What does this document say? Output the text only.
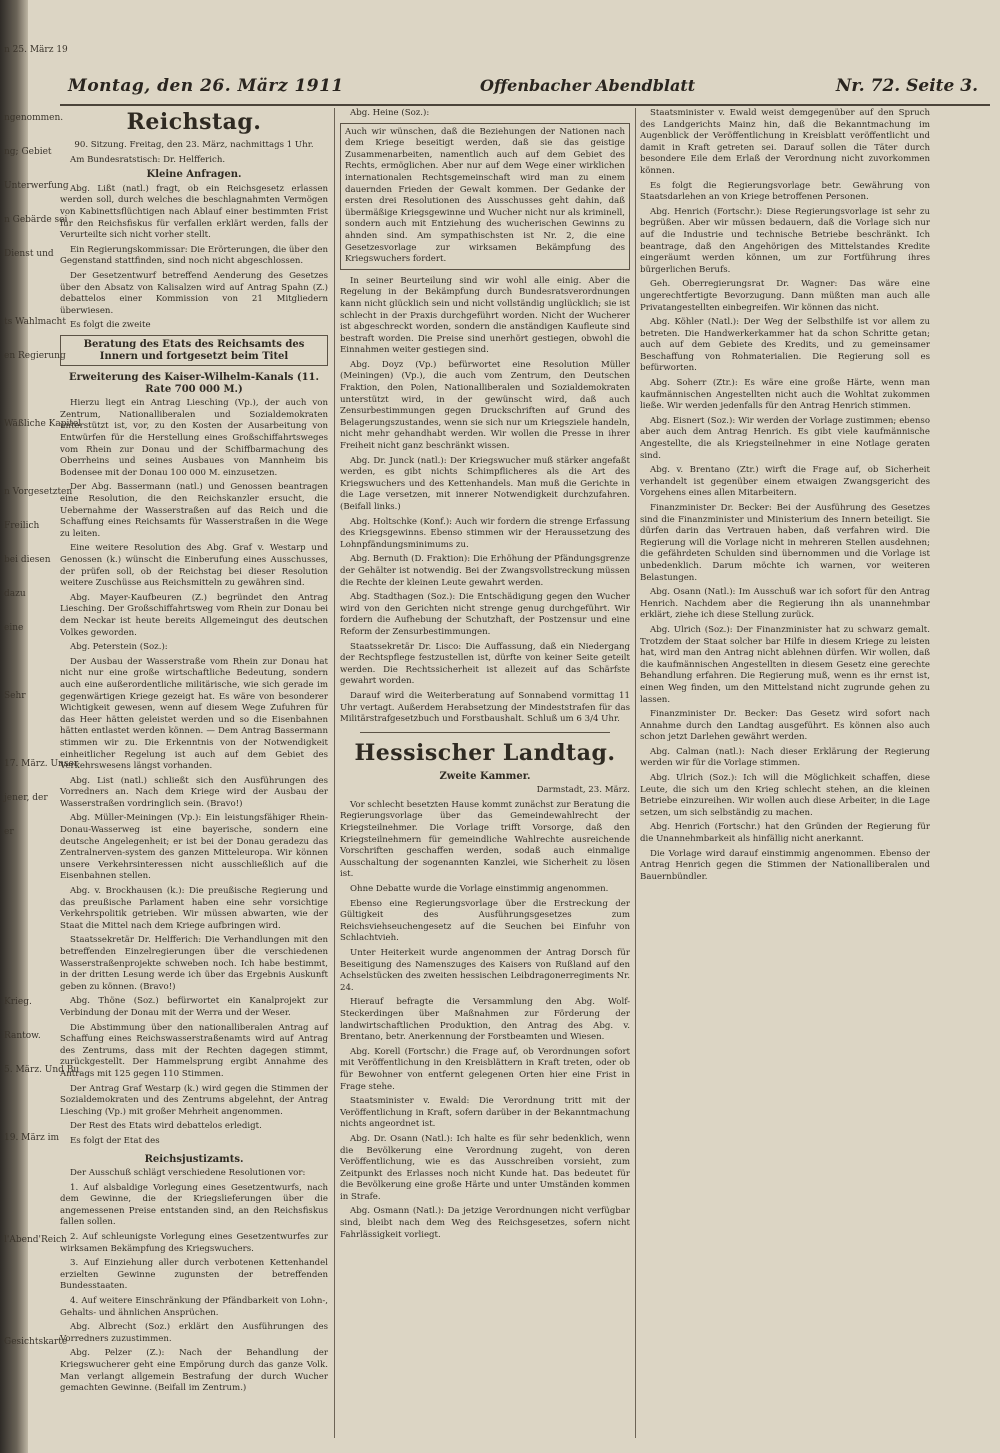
n 25. März 19

ngenommen.
ng; Gebiet
Unterwerfung
n Gebärde sei
Dienst und

ts Wahlmacht
en Regierung

Wäßliche Kapitel

n Vorgesetzten
Freilich
bei diesen
dazu
eine

Sehr

17. März. Unser
jener, der
er

Krieg.
Rantow.
5. März. Und Bu

19. März im

l'Abend'Reich

Gesichtskarte
Montag, den 26. März 1911	Offenbacher Abendblatt	Nr. 72. Seite 3.
Reichstag.

90. Sitzung. Freitag, den 23. März, nachmittags 1 Uhr.

Am Bundesratstisch: Dr. Helfferich.

Kleine Anfragen.

Abg. Lißt (natl.) fragt, ob ein Reichsgesetz erlassen werden soll, durch welches die beschlagnahmten Vermögen von Kabinettsflüchtigen nach Ablauf einer bestimmten Frist für den Reichsfiskus für verfallen erklärt werden, falls der Verurteilte sich nicht vorher stellt.

Ein Regierungskommissar: Die Erörterungen, die über den Gegenstand stattfinden, sind noch nicht abgeschlossen.

Der Gesetzentwurf betreffend Aenderung des Gesetzes über den Absatz von Kalisalzen wird auf Antrag Spahn (Z.) debattelos einer Kommission von 21 Mitgliedern überwiesen.

Es folgt die zweite

Beratung des Etats des Reichsamts des Innern und fortgesetzt beim Titel
Erweiterung des Kaiser-Wilhelm-Kanals (11. Rate 700 000 M.)

Hierzu liegt ein Antrag Liesching (Vp.), der auch von Zentrum, Nationalliberalen und Sozialdemokraten unterstützt ist, vor, zu den Kosten der Ausarbeitung von Entwürfen für die Herstellung eines Großschiffahrtsweges vom Rhein zur Donau und der Schiffbarmachung des Oberrheins und seines Ausbaues von Mannheim bis Bodensee mit der Donau 100 000 M. einzusetzen.

Der Abg. Bassermann (natl.) und Genossen beantragen eine Resolution, die den Reichskanzler ersucht, die Uebernahme der Wasserstraßen auf das Reich und die Schaffung eines Reichsamts für Wasserstraßen in die Wege zu leiten.

Eine weitere Resolution des Abg. Graf v. Westarp und Genossen (k.) wünscht die Einberufung eines Ausschusses, der prüfen soll, ob der Reichstag bei dieser Resolution weitere Zuschüsse aus Reichsmitteln zu gewähren sind.

Abg. Mayer-Kaufbeuren (Z.) begründet den Antrag Liesching. Der Großschiffahrtsweg vom Rhein zur Donau bei dem Neckar ist heute bereits Allgemeingut des deutschen Volkes geworden.

Abg. Peterstein (Soz.):

Der Ausbau der Wasserstraße vom Rhein zur Donau hat nicht nur eine große wirtschaftliche Bedeutung, sondern auch eine außerordentliche militärische, wie sich gerade im gegenwärtigen Kriege gezeigt hat. Es wäre von besonderer Wichtigkeit gewesen, wenn auf diesem Wege Zufuhren für das Heer hätten geleistet werden und so die Eisenbahnen hätten entlastet werden können. — Dem Antrag Bassermann stimmen wir zu. Die Erkenntnis von der Notwendigkeit einheitlicher Regelung ist auch auf dem Gebiet des Verkehrswesens längst vorhanden.

Abg. List (natl.) schließt sich den Ausführungen des Vorredners an. Nach dem Kriege wird der Ausbau der Wasserstraßen vordringlich sein. (Bravo!)

Abg. Müller-Meiningen (Vp.): Ein leistungsfähiger Rhein-Donau-Wasserweg ist eine bayerische, sondern eine deutsche Angelegenheit; er ist bei der Donau geradezu das Zentralnerven-system des ganzen Mitteleuropa. Wir können unsere Verkehrsinteressen nicht ausschließlich auf die Eisenbahnen stellen.

Abg. v. Brockhausen (k.): Die preußische Regierung und das preußische Parlament haben eine sehr vorsichtige Verkehrspolitik getrieben. Wir müssen abwarten, wie der Staat die Mittel nach dem Kriege aufbringen wird.

Staatssekretär Dr. Helfferich: Die Verhandlungen mit den betreffenden Einzelregierungen über die verschiedenen Wasserstraßenprojekte schweben noch. Ich habe bestimmt, in der dritten Lesung werde ich über das Ergebnis Auskunft geben zu können. (Bravo!)

Abg. Thöne (Soz.) befürwortet ein Kanalprojekt zur Verbindung der Donau mit der Werra und der Weser.

Die Abstimmung über den nationalliberalen Antrag auf Schaffung eines Reichswasserstraßenamts wird auf Antrag des Zentrums, dass mit der Rechten dagegen stimmt, zurückgestellt. Der Hammelsprung ergibt Annahme des Antrags mit 125 gegen 110 Stimmen.

Der Antrag Graf Westarp (k.) wird gegen die Stimmen der Sozialdemokraten und des Zentrums abgelehnt, der Antrag Liesching (Vp.) mit großer Mehrheit angenommen.

Der Rest des Etats wird debattelos erledigt.

Es folgt der Etat des

Reichsjustizamts.

Der Ausschuß schlägt verschiedene Resolutionen vor:

1. Auf alsbaldige Vorlegung eines Gesetzentwurfs, nach dem Gewinne, die der Kriegslieferungen über die angemessenen Preise entstanden sind, an den Reichsfiskus fallen sollen.

2. Auf schleunigste Vorlegung eines Gesetzentwurfes zur wirksamen Bekämpfung des Kriegswuchers.

3. Auf Einziehung aller durch verbotenen Kettenhandel erzielten Gewinne zugunsten der betreffenden Bundesstaaten.

4. Auf weitere Einschränkung der Pfändbarkeit von Lohn-, Gehalts- und ähnlichen Ansprüchen.

Abg. Albrecht (Soz.) erklärt den Ausführungen des Vorredners zuzustimmen.

Abg. Pelzer (Z.): Nach der Behandlung der Kriegswucherer geht eine Empörung durch das ganze Volk. Man verlangt allgemein Bestrafung der durch Wucher gemachten Gewinne. (Beifall im Zentrum.)

Abg. Heine (Soz.):

Auch wir wünschen, daß die Beziehungen der Nationen nach dem Kriege beseitigt werden, daß sie das geistige Zusammenarbeiten, namentlich auch auf dem Gebiet des Rechts, ermöglichen. Aber nur auf dem Wege einer wirklichen internationalen Rechtsgemeinschaft wird man zu einem dauernden Frieden der Gewalt kommen. Der Gedanke der ersten drei Resolutionen des Ausschusses geht dahin, daß übermäßige Kriegsgewinne und Wucher nicht nur als kriminell, sondern auch mit Entziehung des wucherischen Gewinns zu ahnden sind. Am sympathischsten ist Nr. 2, die eine Gesetzesvorlage zur wirksamen Bekämpfung des Kriegswuchers fordert.

In seiner Beurteilung sind wir wohl alle einig. Aber die Regelung in der Bekämpfung durch Bundesratsverordnungen kann nicht glücklich sein und nicht vollständig unglücklich; sie ist schlecht in der Praxis durchgeführt worden. Nicht der Wucherer ist abgeschreckt worden, sondern die anständigen Kaufleute sind bestraft worden. Die Preise sind unerhört gestiegen, obwohl die Einnahmen weiter gestiegen sind.

Abg. Doyz (Vp.) befürwortet eine Resolution Müller (Meiningen) (Vp.), die auch vom Zentrum, den Deutschen Fraktion, den Polen, Nationalliberalen und Sozialdemokraten unterstützt wird, in der gewünscht wird, daß auch Zensurbestimmungen gegen Druckschriften auf Grund des Belagerungszustandes, wenn sie sich nur um Kriegsziele handeln, nicht mehr gehandhabt werden. Wir wollen die Presse in ihrer Freiheit nicht ganz beschränkt wissen.

Abg. Dr. Junck (natl.): Der Kriegswucher muß stärker angefaßt werden, es gibt nichts Schimpflicheres als die Art des Kriegswuchers und des Kettenhandels. Man muß die Gerichte in die Lage versetzen, mit innerer Notwendigkeit durchzufahren. (Beifall links.)

Abg. Holtschke (Konf.): Auch wir fordern die strenge Erfassung des Kriegsgewinns. Ebenso stimmen wir der Heraussetzung des Lohnpfändungsminimums zu.

Abg. Bernuth (D. Fraktion): Die Erhöhung der Pfändungsgrenze der Gehälter ist notwendig. Bei der Zwangsvollstreckung müssen die Rechte der kleinen Leute gewahrt werden.

Abg. Stadthagen (Soz.): Die Entschädigung gegen den Wucher wird von den Gerichten nicht strenge genug durchgeführt. Wir fordern die Aufhebung der Schutzhaft, der Postzensur und eine Reform der Zensurbestimmungen.

Staatssekretär Dr. Lisco: Die Auffassung, daß ein Niedergang der Rechtspflege festzustellen ist, dürfte von keiner Seite geteilt werden. Die Rechtssicherheit ist allezeit auf das Schärfste gewahrt worden.

Darauf wird die Weiterberatung auf Sonnabend vormittag 11 Uhr vertagt. Außerdem Herabsetzung der Mindeststrafen für das Militärstrafgesetzbuch und Forstbaushalt. Schluß um 6 3/4 Uhr.

Hessischer Landtag.
Zweite Kammer.

Darmstadt, 23. März.

Vor schlecht besetzten Hause kommt zunächst zur Beratung die Regierungsvorlage über das Gemeindewahlrecht der Kriegsteilnehmer. Die Vorlage trifft Vorsorge, daß den Kriegsteilnehmern für gemeindliche Wahlrechte ausreichende Vorschriften geschaffen werden, sodaß auch einmalige Ausschaltung der sogenannten Kanzlei, wie Sicherheit zu lösen ist.

Ohne Debatte wurde die Vorlage einstimmig angenommen.

Ebenso eine Regierungsvorlage über die Erstreckung der Gültigkeit des Ausführungsgesetzes zum Reichsviehseuchengesetz auf die Seuchen bei Einfuhr von Schlachtvieh.

Unter Heiterkeit wurde angenommen der Antrag Dorsch für Beseitigung des Namenszuges des Kaisers von Rußland auf den Achselstücken des zweiten hessischen Leibdragonerregiments Nr. 24.

Hierauf befragte die Versammlung den Abg. Wolf-Steckerdingen über Maßnahmen zur Förderung der landwirtschaftlichen Produktion, den Antrag des Abg. v. Brentano, betr. Anerkennung der Forstbeamten und Wiesen.

Abg. Korell (Fortschr.) die Frage auf, ob Verordnungen sofort mit Veröffentlichung in den Kreisblättern in Kraft treten, oder ob für Bewohner von entfernt gelegenen Orten hier eine Frist in Frage stehe.

Staatsminister v. Ewald: Die Verordnung tritt mit der Veröffentlichung in Kraft, sofern darüber in der Bekanntmachung nichts angeordnet ist.

Abg. Dr. Osann (Natl.): Ich halte es für sehr bedenklich, wenn die Bevölkerung eine Verordnung zugeht, von deren Veröffentlichung, wie es das Ausschreiben vorsieht, zum Zeitpunkt des Erlasses noch nicht Kunde hat. Das bedeutet für die Bevölkerung eine große Härte und unter Umständen kommen in Strafe.

Abg. Osmann (Natl.): Da jetzige Verordnungen nicht verfügbar sind, bleibt nach dem Weg des Reichsgesetzes, sofern nicht Fahrlässigkeit vorliegt.

Staatsminister v. Ewald weist demgegenüber auf den Spruch des Landgerichts Mainz hin, daß die Bekanntmachung im Augenblick der Veröffentlichung in Kreisblatt veröffentlicht und damit in Kraft getreten sei. Darauf sollen die Täter durch besondere Eile dem Erlaß der Verordnung nicht zuvorkommen können.

Es folgt die Regierungsvorlage betr. Gewährung von Staatsdarlehen an von Kriege betroffenen Personen.

Abg. Henrich (Fortschr.): Diese Regierungsvorlage ist sehr zu begrüßen. Aber wir müssen bedauern, daß die Vorlage sich nur auf die Industrie und technische Betriebe beschränkt. Ich beantrage, daß den Angehörigen des Mittelstandes Kredite eingeräumt werden können, um zur Fortführung ihres bürgerlichen Berufs.

Geh. Oberregierungsrat Dr. Wagner: Das wäre eine ungerechtfertigte Bevorzugung. Dann müßten man auch alle Privatangestellten einbegreifen. Wir können das nicht.

Abg. Köhler (Natl.): Der Weg der Selbsthilfe ist vor allem zu betreten. Die Handwerkerkammer hat da schon Schritte getan; auch auf dem Gebiete des Kredits, und zu gemeinsamer Beschaffung von Rohmaterialien. Die Regierung soll es befürworten.

Abg. Soherr (Ztr.): Es wäre eine große Härte, wenn man kaufmännischen Angestellten nicht auch die Wohltat zukommen ließe. Wir werden jedenfalls für den Antrag Henrich stimmen.

Abg. Eisnert (Soz.): Wir werden der Vorlage zustimmen; ebenso aber auch dem Antrag Henrich. Es gibt viele kaufmännische Angestellte, die als Kriegsteilnehmer in eine Notlage geraten sind.

Abg. v. Brentano (Ztr.) wirft die Frage auf, ob Sicherheit verhandelt ist gegenüber einem etwaigen Zwangsgericht des Vorgehens eines allen Mitarbeitern.

Finanzminister Dr. Becker: Bei der Ausführung des Gesetzes sind die Finanzminister und Ministerium des Innern beteiligt. Sie dürfen darin das Vertrauen haben, daß verfahren wird. Die Regierung will die Vorlage nicht in mehreren Stellen ausdehnen; die gefährdeten Schulden sind übernommen und die Vorlage ist unbedenklich. Darum möchte ich warnen, vor weiteren Belastungen.

Abg. Osann (Natl.): Im Ausschuß war ich sofort für den Antrag Henrich. Nachdem aber die Regierung ihn als unannehmbar erklärt, ziehe ich diese Stellung zurück.

Abg. Ulrich (Soz.): Der Finanzminister hat zu schwarz gemalt. Trotzdem der Staat solcher bar Hilfe in diesem Kriege zu leisten hat, wird man den Antrag nicht ablehnen dürfen. Wir wollen, daß die kaufmännischen Angestellten in diesem Gesetz eine gerechte Behandlung erfahren. Die Regierung muß, wenn es ihr ernst ist, einen Weg finden, um den Mittelstand nicht zugrunde gehen zu lassen.

Finanzminister Dr. Becker: Das Gesetz wird sofort nach Annahme durch den Landtag ausgeführt. Es können also auch schon jetzt Darlehen gewährt werden.

Abg. Calman (natl.): Nach dieser Erklärung der Regierung werden wir für die Vorlage stimmen.

Abg. Ulrich (Soz.): Ich will die Möglichkeit schaffen, diese Leute, die sich um den Krieg schlecht stehen, an die kleinen Betriebe einzureihen. Wir wollen auch diese Arbeiter, in die Lage setzen, um sich selbständig zu machen.

Abg. Henrich (Fortschr.) hat den Gründen der Regierung für die Unannehmbarkeit als hinfällig nicht anerkannt.

Die Vorlage wird darauf einstimmig angenommen. Ebenso der Antrag Henrich gegen die Stimmen der Nationalliberalen und Bauernbündler.
